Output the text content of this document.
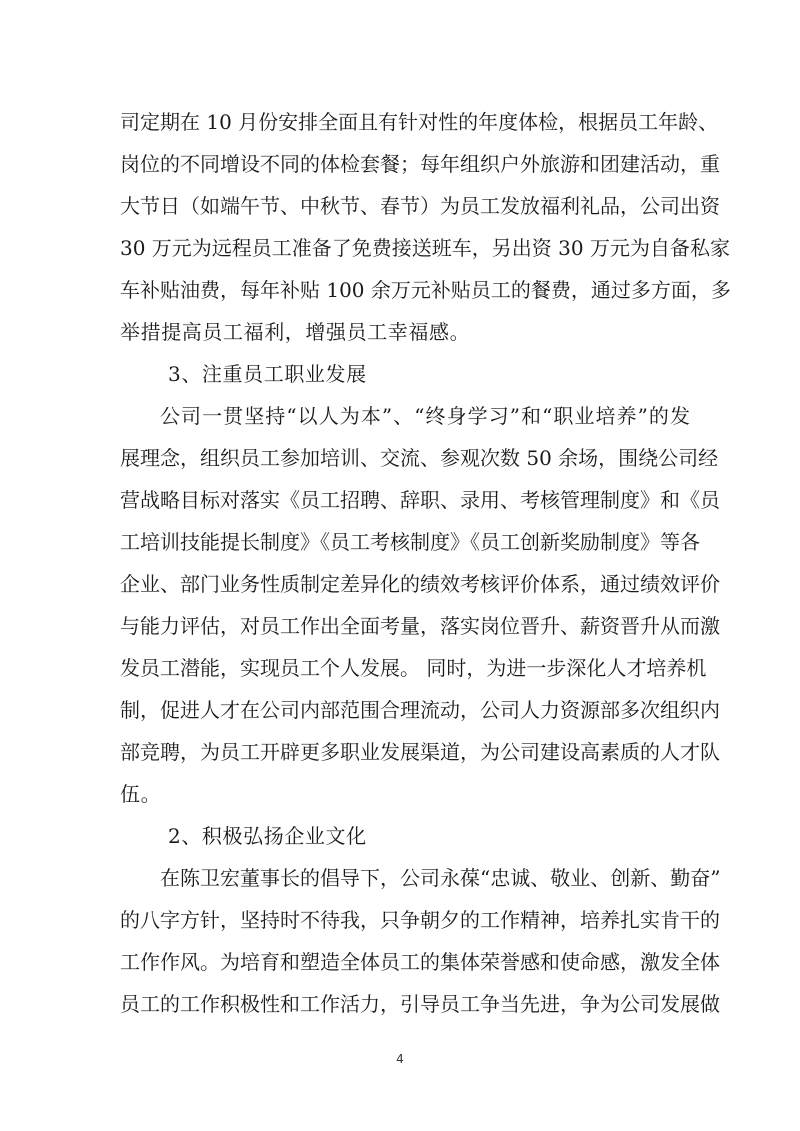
司定期在 10 月份安排全面且有针对性的年度体检，根据员工年龄、
岗位的不同增设不同的体检套餐；每年组织户外旅游和团建活动，重
大节日（如端午节、中秋节、春节）为员工发放福利礼品，公司出资
30 万元为远程员工准备了免费接送班车，另出资 30 万元为自备私家
车补贴油费，每年补贴 100 余万元补贴员工的餐费，通过多方面，多
举措提高员工福利，增强员工幸福感。
3、注重员工职业发展
公司一贯坚持“以人为本”、“终身学习”和“职业培养”的发
展理念，组织员工参加培训、交流、参观次数 50 余场，围绕公司经
营战略目标对落实《员工招聘、辞职、录用、考核管理制度》和《员
工培训技能提长制度》《员工考核制度》《员工创新奖励制度》等各
企业、部门业务性质制定差异化的绩效考核评价体系，通过绩效评价
与能力评估，对员工作出全面考量，落实岗位晋升、薪资晋升从而激
发员工潜能，实现员工个人发展。 同时，为进一步深化人才培养机
制，促进人才在公司内部范围合理流动，公司人力资源部多次组织内
部竞聘，为员工开辟更多职业发展渠道，为公司建设高素质的人才队
伍。
2、积极弘扬企业文化
在陈卫宏董事长的倡导下，公司永葆“忠诚、敬业、创新、勤奋”
的八字方针，坚持时不待我，只争朝夕的工作精神，培养扎实肯干的
工作作风。为培育和塑造全体员工的集体荣誉感和使命感，激发全体
员工的工作积极性和工作活力，引导员工争当先进，争为公司发展做
4
